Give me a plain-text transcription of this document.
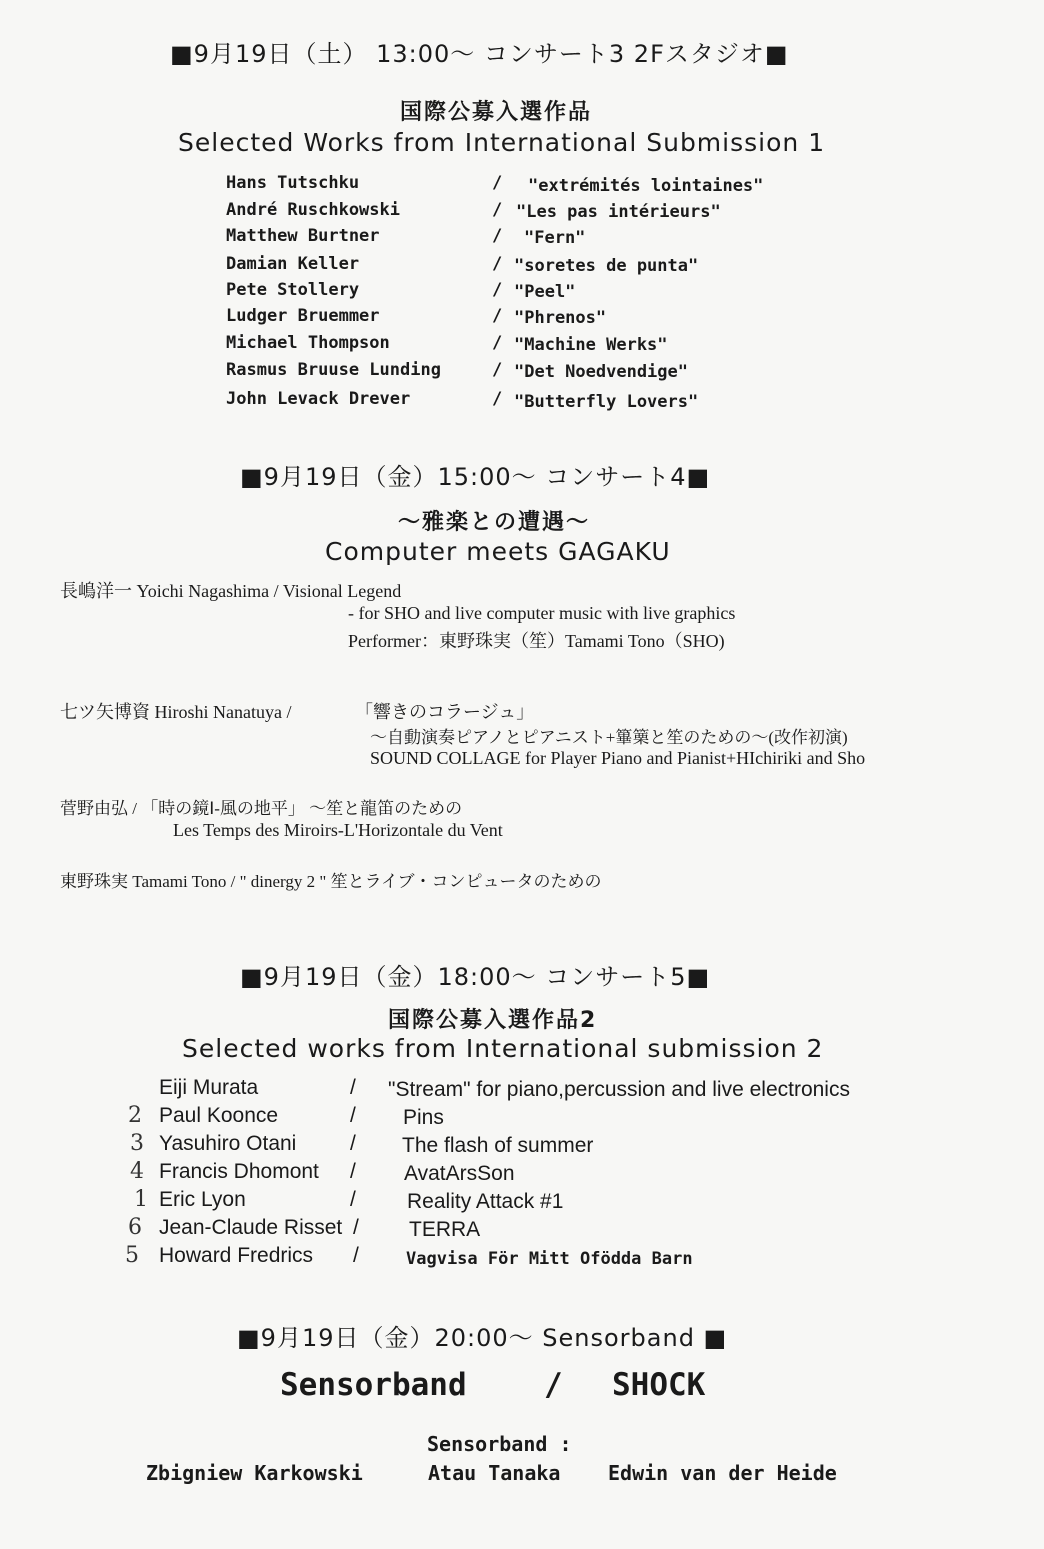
■9月19日（土） 13:00～ コンサート3 2Fスタジオ■
国際公募入選作品
Selected Works from International Submission 1
Hans Tutschku	/ "extrémités lointaines"
André Ruschkowski	/ "Les pas intérieurs"
Matthew Burtner	/ "Fern"
Damian Keller	/ "soretes de punta"
Pete Stollery	/ "Peel"
Ludger Bruemmer	/ "Phrenos"
Michael Thompson	/ "Machine Werks"
Rasmus Bruuse Lunding	/ "Det Noedvendige"
John Levack Drever	/ "Butterfly Lovers"
■9月19日（金）15:00～ コンサート4■
～雅楽との遭遇～
Computer meets GAGAKU
長嶋洋一 Yoichi Nagashima / Visional Legend
- for SHO and live computer music with live graphics
Performer：東野珠実（笙）Tamami Tono（SHO)
七ツ矢博資 Hiroshi Nanatuya /	「響きのコラージュ」
～自動演奏ピアノとピアニスト+篳篥と笙のための～(改作初演)
SOUND COLLAGE for Player Piano and Pianist+HIchiriki and Sho
菅野由弘 / 「時の鏡Ⅰ-風の地平」 ～笙と龍笛のための
Les Temps des Miroirs-L'Horizontale du Vent
東野珠実 Tamami Tono / " dinergy 2 " 笙とライブ・コンピュータのための
■9月19日（金）18:00～ コンサート5■
国際公募入選作品2
Selected works from International submission 2
Eiji Murata	/ "Stream" for piano,percussion and live electronics
2 Paul Koonce	/ Pins
3 Yasuhiro Otani	/ The flash of summer
4 Francis Dhomont / AvatArsSon
1 Eric Lyon	/ Reality Attack #1
6 Jean-Claude Risset / TERRA
5 Howard Fredrics /	Vagvisa För Mitt Ofödda Barn
■9月19日（金）20:00～ Sensorband ■
Sensorband / SHOCK
Sensorband :
Zbigniew Karkowski	Atau Tanaka Edwin van der Heide
